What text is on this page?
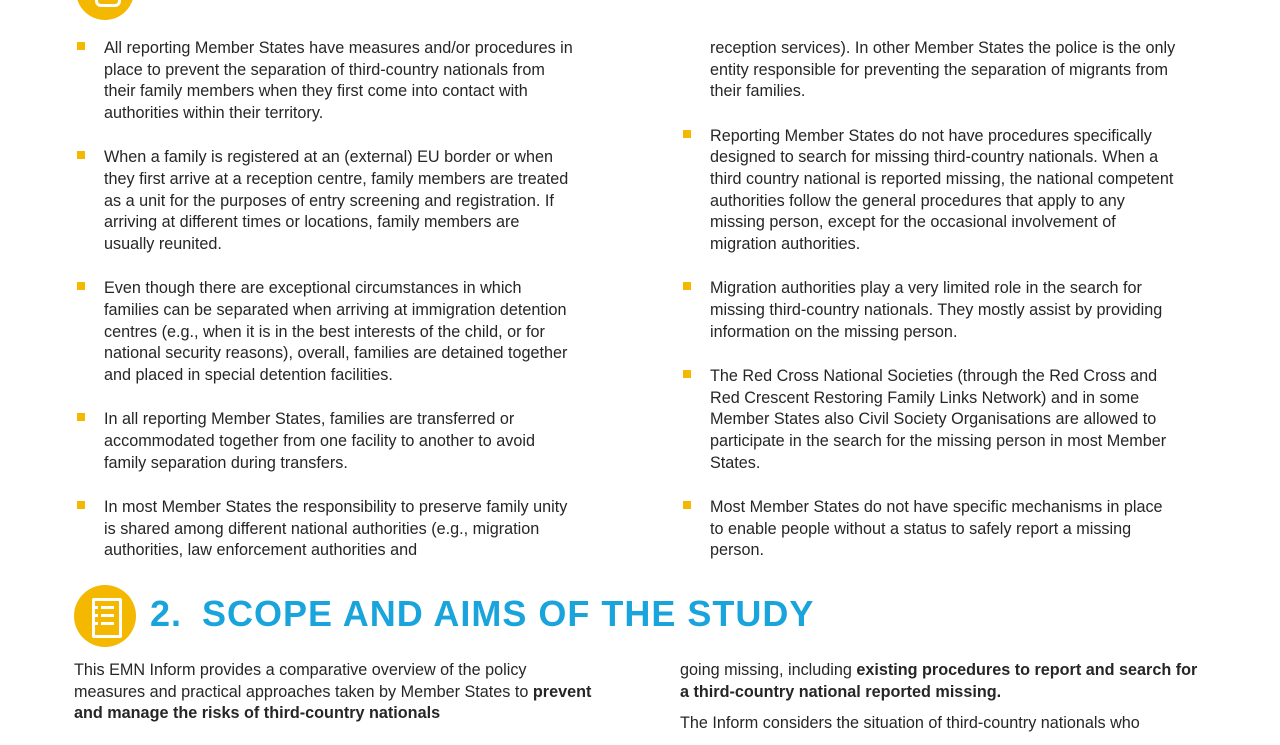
All reporting Member States have measures and/or procedures in place to prevent the separation of third-country nationals from their family members when they first come into contact with authorities within their territory.
When a family is registered at an (external) EU border or when they first arrive at a reception centre, family members are treated as a unit for the purposes of entry screening and registration. If arriving at different times or locations, family members are usually reunited.
Even though there are exceptional circumstances in which families can be separated when arriving at immigration detention centres (e.g., when it is in the best interests of the child, or for national security reasons), overall, families are detained together and placed in special detention facilities.
In all reporting Member States, families are transferred or accommodated together from one facility to another to avoid family separation during transfers.
In most Member States the responsibility to preserve family unity is shared among different national authorities (e.g., migration authorities, law enforcement authorities and
reception services). In other Member States the police is the only entity responsible for preventing the separation of migrants from their families.
Reporting Member States do not have procedures specifically designed to search for missing third-country nationals. When a third country national is reported missing, the national competent authorities follow the general procedures that apply to any missing person, except for the occasional involvement of migration authorities.
Migration authorities play a very limited role in the search for missing third-country nationals. They mostly assist by providing information on the missing person.
The Red Cross National Societies (through the Red Cross and Red Crescent Restoring Family Links Network) and in some Member States also Civil Society Organisations are allowed to participate in the search for the missing person in most Member States.
Most Member States do not have specific mechanisms in place to enable people without a status to safely report a missing person.
2. SCOPE AND AIMS OF THE STUDY

This EMN Inform provides a comparative overview of the policy measures and practical approaches taken by Member States to prevent and manage the risks of third-country nationals

going missing, including existing procedures to report and search for a third-country national reported missing.

The Inform considers the situation of third-country nationals who
